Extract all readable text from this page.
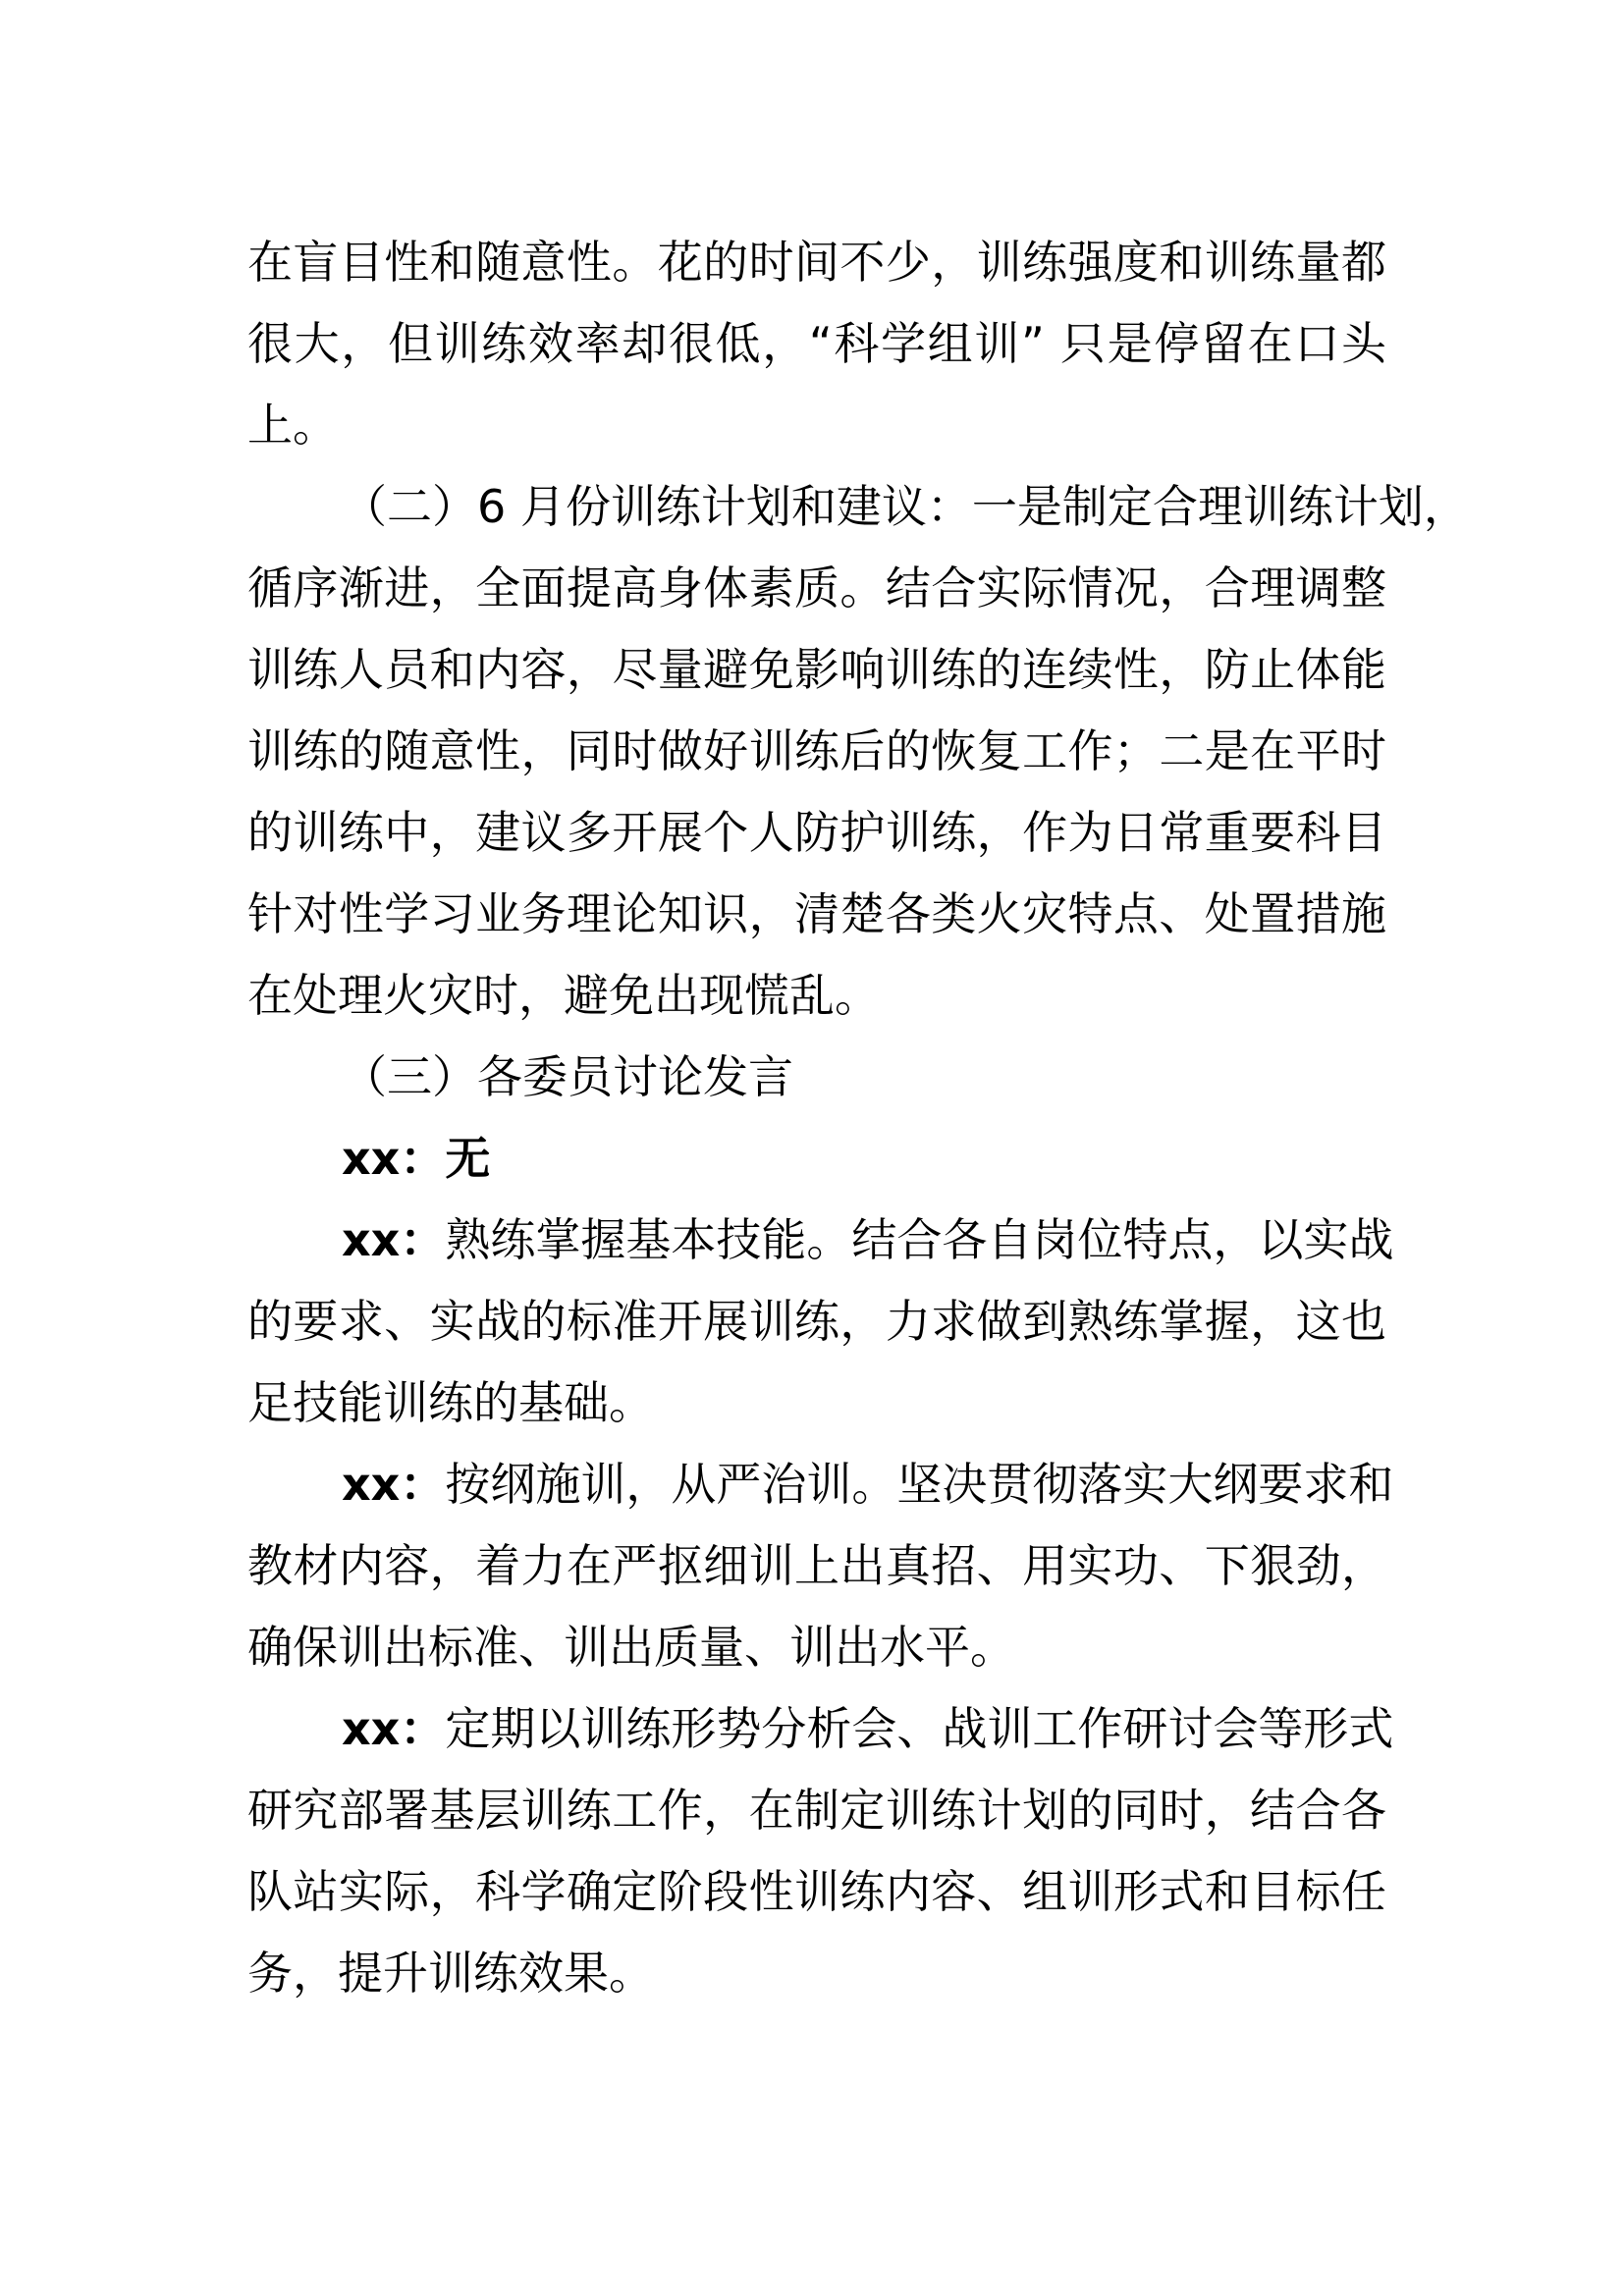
在盲目性和随意性。花的时间不少，训练强度和训练量都
很大，但训练效率却很低，“科学组训” 只是停留在口头
上。
（二）6 月份训练计划和建议：一是制定合理训练计划，
循序渐进，全面提高身体素质。结合实际情况，合理调整
训练人员和内容，尽量避免影响训练的连续性，防止体能
训练的随意性，同时做好训练后的恢复工作；二是在平时
的训练中，建议多开展个人防护训练，作为日常重要科目
针对性学习业务理论知识，清楚各类火灾特点、处置措施
在处理火灾时，避免出现慌乱。
（三）各委员讨论发言
xx：无
xx：熟练掌握基本技能。结合各自岗位特点，以实战
的要求、实战的标准开展训练，力求做到熟练掌握，这也
足技能训练的基础。
xx：按纲施训，从严治训。坚决贯彻落实大纲要求和
教材内容，着力在严抠细训上出真招、用实功、下狠劲，
确保训出标准、训出质量、训出水平。
xx：定期以训练形势分析会、战训工作研讨会等形式
研究部署基层训练工作，在制定训练计划的同时，结合各
队站实际，科学确定阶段性训练内容、组训形式和目标任
务，提升训练效果。
